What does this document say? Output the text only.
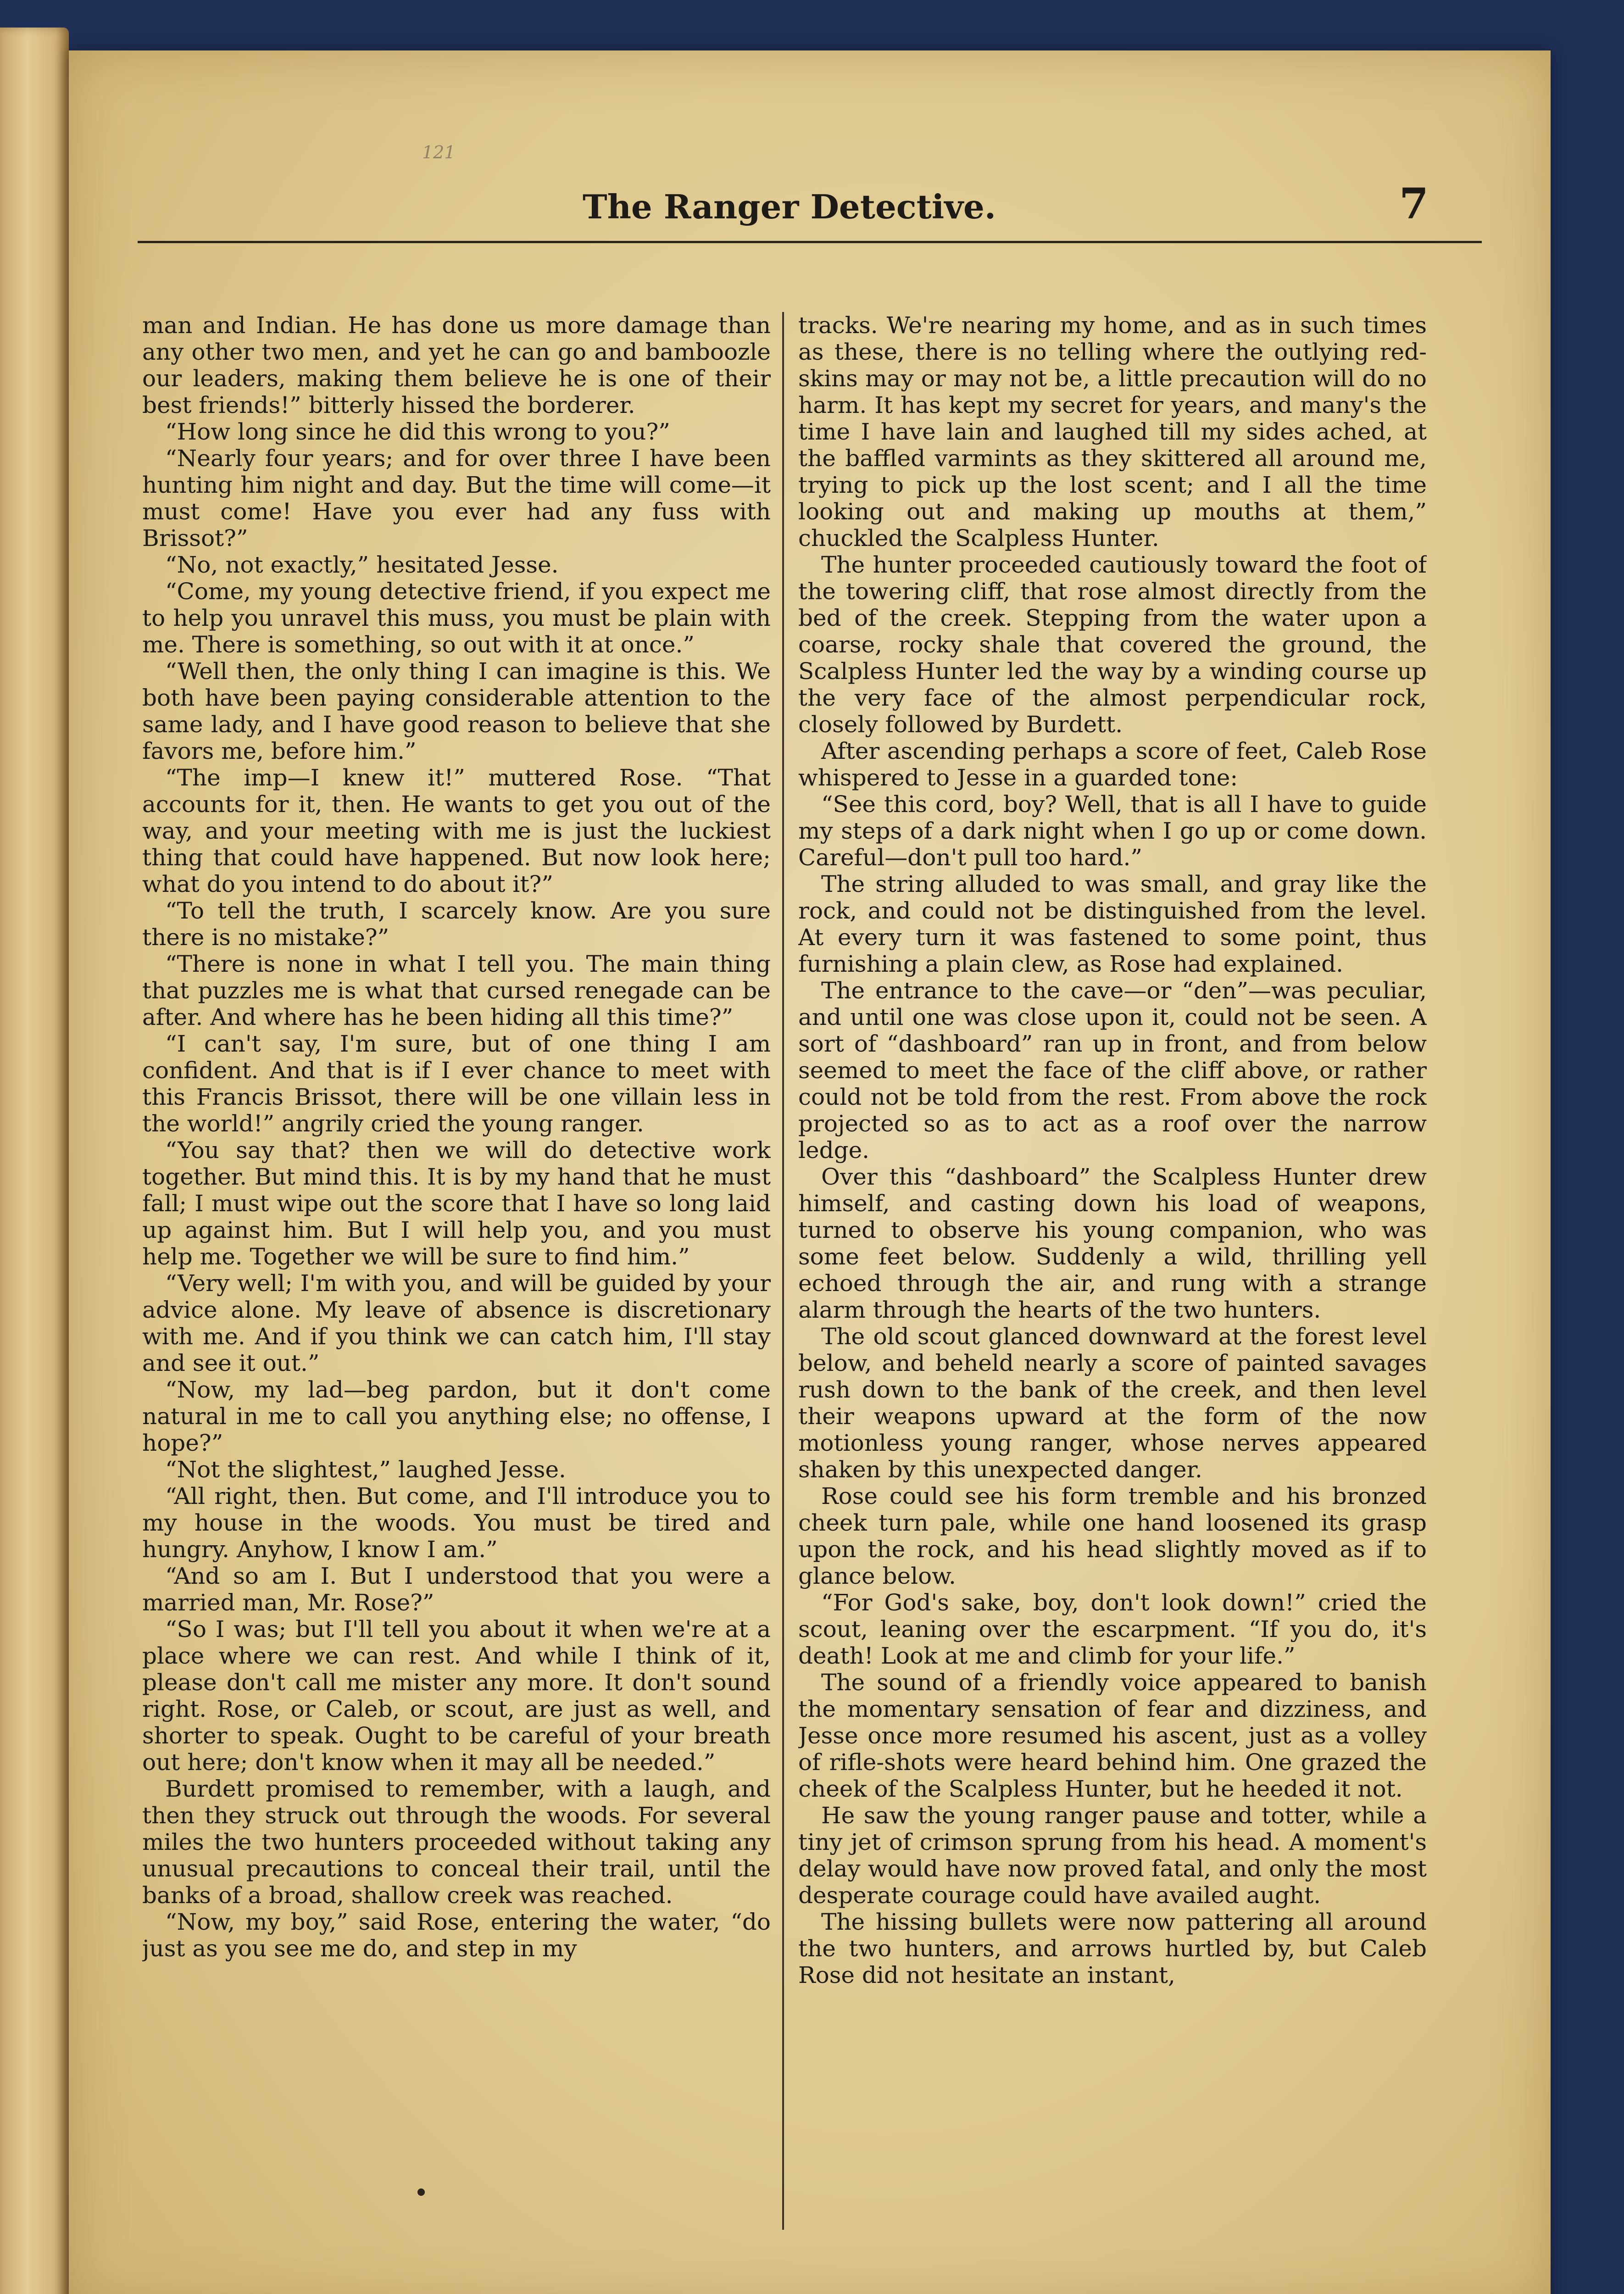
121
The Ranger Detective.	7

man and Indian. He has done us more damage than any other two men, and yet he can go and bamboozle our leaders, making them believe he is one of their best friends!” bitterly hissed the borderer.

“How long since he did this wrong to you?”

“Nearly four years; and for over three I have been hunting him night and day. But the time will come—it must come! Have you ever had any fuss with Brissot?”

“No, not exactly,” hesitated Jesse.

“Come, my young detective friend, if you expect me to help you unravel this muss, you must be plain with me. There is something, so out with it at once.”

“Well then, the only thing I can imagine is this. We both have been paying considerable attention to the same lady, and I have good reason to believe that she favors me, before him.”

“The imp—I knew it!” muttered Rose. “That accounts for it, then. He wants to get you out of the way, and your meeting with me is just the luckiest thing that could have happened. But now look here; what do you intend to do about it?”

“To tell the truth, I scarcely know. Are you sure there is no mistake?”

“There is none in what I tell you. The main thing that puzzles me is what that cursed renegade can be after. And where has he been hiding all this time?”

“I can't say, I'm sure, but of one thing I am confident. And that is if I ever chance to meet with this Francis Brissot, there will be one villain less in the world!” angrily cried the young ranger.

“You say that? then we will do detective work together. But mind this. It is by my hand that he must fall; I must wipe out the score that I have so long laid up against him. But I will help you, and you must help me. Together we will be sure to find him.”

“Very well; I'm with you, and will be guided by your advice alone. My leave of absence is discretionary with me. And if you think we can catch him, I'll stay and see it out.”

“Now, my lad—beg pardon, but it don't come natural in me to call you anything else; no offense, I hope?”

“Not the slightest,” laughed Jesse.

“All right, then. But come, and I'll introduce you to my house in the woods. You must be tired and hungry. Anyhow, I know I am.”

“And so am I. But I understood that you were a married man, Mr. Rose?”

“So I was; but I'll tell you about it when we're at a place where we can rest. And while I think of it, please don't call me mister any more. It don't sound right. Rose, or Caleb, or scout, are just as well, and shorter to speak. Ought to be careful of your breath out here; don't know when it may all be needed.”

Burdett promised to remember, with a laugh, and then they struck out through the woods. For several miles the two hunters proceeded without taking any unusual precautions to conceal their trail, until the banks of a broad, shallow creek was reached.

“Now, my boy,” said Rose, entering the water, “do just as you see me do, and step in my

tracks. We're nearing my home, and as in such times as these, there is no telling where the outlying red-skins may or may not be, a little precaution will do no harm. It has kept my secret for years, and many's the time I have lain and laughed till my sides ached, at the baffled varmints as they skittered all around me, trying to pick up the lost scent; and I all the time looking out and making up mouths at them,” chuckled the Scalpless Hunter.

The hunter proceeded cautiously toward the foot of the towering cliff, that rose almost directly from the bed of the creek. Stepping from the water upon a coarse, rocky shale that covered the ground, the Scalpless Hunter led the way by a winding course up the very face of the almost perpendicular rock, closely followed by Burdett.

After ascending perhaps a score of feet, Caleb Rose whispered to Jesse in a guarded tone:

“See this cord, boy? Well, that is all I have to guide my steps of a dark night when I go up or come down. Careful—don't pull too hard.”

The string alluded to was small, and gray like the rock, and could not be distinguished from the level. At every turn it was fastened to some point, thus furnishing a plain clew, as Rose had explained.

The entrance to the cave—or “den”—was peculiar, and until one was close upon it, could not be seen. A sort of “dashboard” ran up in front, and from below seemed to meet the face of the cliff above, or rather could not be told from the rest. From above the rock projected so as to act as a roof over the narrow ledge.

Over this “dashboard” the Scalpless Hunter drew himself, and casting down his load of weapons, turned to observe his young companion, who was some feet below. Suddenly a wild, thrilling yell echoed through the air, and rung with a strange alarm through the hearts of the two hunters.

The old scout glanced downward at the forest level below, and beheld nearly a score of painted savages rush down to the bank of the creek, and then level their weapons upward at the form of the now motionless young ranger, whose nerves appeared shaken by this unexpected danger.

Rose could see his form tremble and his bronzed cheek turn pale, while one hand loosened its grasp upon the rock, and his head slightly moved as if to glance below.

“For God's sake, boy, don't look down!” cried the scout, leaning over the escarpment. “If you do, it's death! Look at me and climb for your life.”

The sound of a friendly voice appeared to banish the momentary sensation of fear and dizziness, and Jesse once more resumed his ascent, just as a volley of rifle-shots were heard behind him. One grazed the cheek of the Scalpless Hunter, but he heeded it not.

He saw the young ranger pause and totter, while a tiny jet of crimson sprung from his head. A moment's delay would have now proved fatal, and only the most desperate courage could have availed aught.

The hissing bullets were now pattering all around the two hunters, and arrows hurtled by, but Caleb Rose did not hesitate an instant,
